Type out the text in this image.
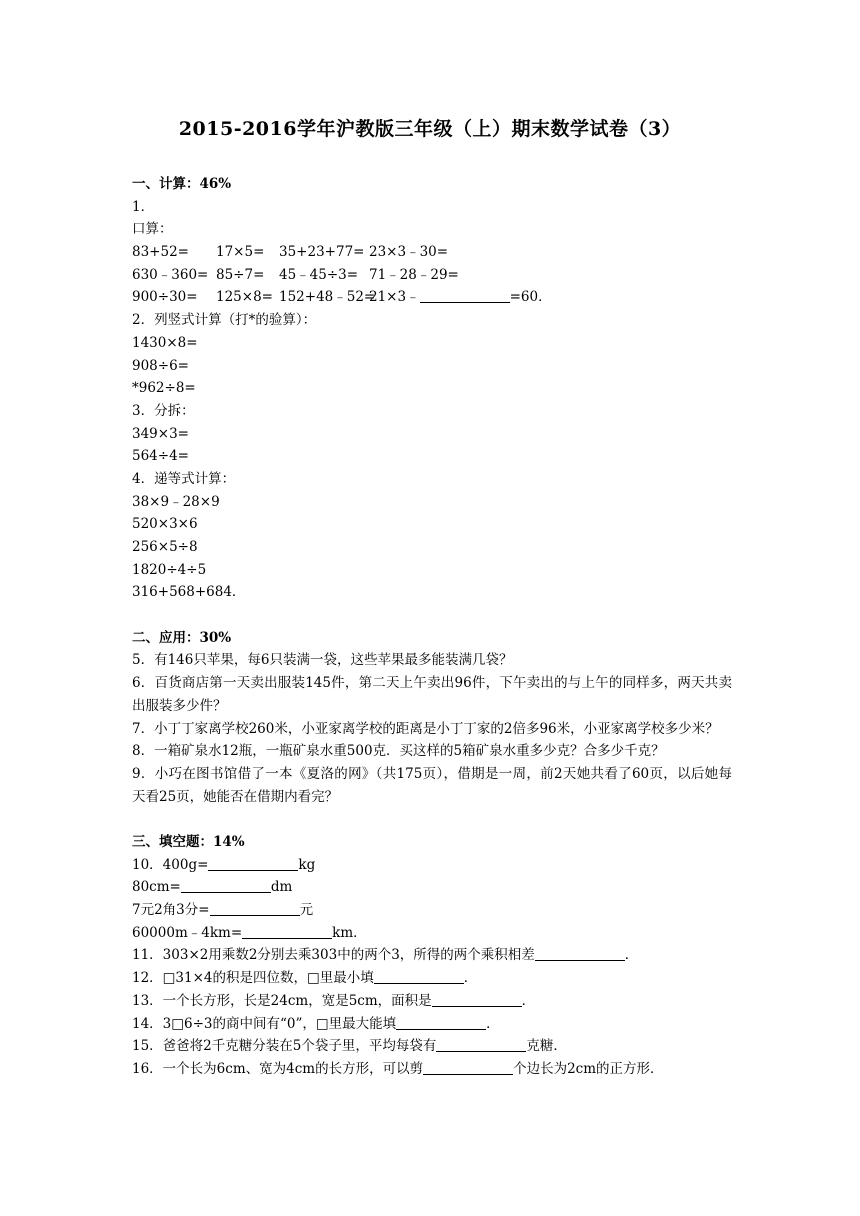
2015-2016学年沪教版三年级（上）期末数学试卷（3）
一、计算：46%
1．
口算：
83+52=	17×5=	35+23+77= 23×3﹣30=
630﹣360= 85÷7=	45﹣45÷3= 71﹣28﹣29=
900÷30=	125×8= 152+48﹣52=
21×3﹣	=60．
2．列竖式计算（打*的验算）：
1430×8=
908÷6=
*962÷8=
3．分拆：
349×3=
564÷4=
4．递等式计算：
38×9﹣28×9
520×3×6
256×5÷8
1820÷4÷5
316+568+684．
二、应用：30%
5．有146只苹果，每6只装满一袋，这些苹果最多能装满几袋？
6．百货商店第一天卖出服装145件，第二天上午卖出96件，下午卖出的与上午的同样多，两天共卖出服装多少件？
7．小丁丁家离学校260米，小亚家离学校的距离是小丁丁家的2倍多96米，小亚家离学校多少米？
8．一箱矿泉水12瓶，一瓶矿泉水重500克．买这样的5箱矿泉水重多少克？合多少千克？
9．小巧在图书馆借了一本《夏洛的网》（共175页），借期是一周，前2天她共看了60页，以后她每天看25页，她能否在借期内看完？
三、填空题：14%
10．400g=	kg
80cm=	dm
7元2角3分=	元
60000m﹣4km=	km．
11．303×2用乘数2分别去乘303中的两个3，所得的两个乘积相差	．
12．□31×4的积是四位数，□里最小填	．
13．一个长方形，长是24cm，宽是5cm，面积是	．
14．3□6÷3的商中间有“0”，□里最大能填	．
15．爸爸将2千克糖分装在5个袋子里，平均每袋有	克糖．
16．一个长为6cm、宽为4cm的长方形，可以剪	个边长为2cm的正方形．
